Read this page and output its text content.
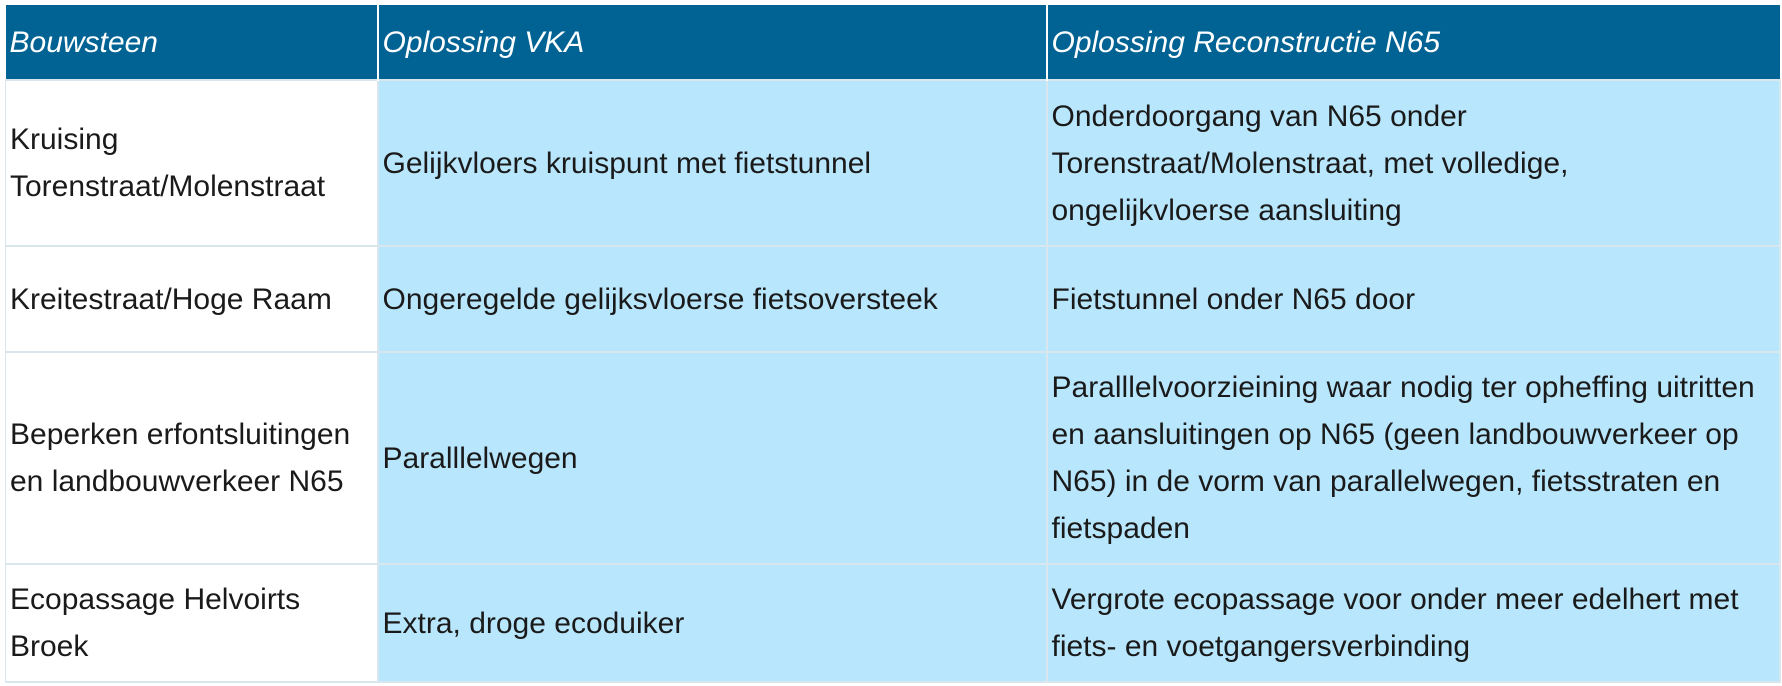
Bouwsteen	Oplossing VKA	Oplossing Reconstructie N65
Kruising Torenstraat/Molenstraat	Gelijkvloers kruispunt met fietstunnel	Onderdoorgang van N65 onder Torenstraat/Molenstraat, met volledige, ongelijkvloerse aansluiting
Kreitestraat/Hoge Raam	Ongeregelde gelijksvloerse fietsoversteek	Fietstunnel onder N65 door
Beperken erfontsluitingen en landbouwverkeer N65	Paralllelwegen	Paralllelvoorzieining waar nodig ter opheffing uitritten en aansluitingen op N65 (geen landbouwverkeer op N65) in de vorm van parallelwegen, fietsstraten en fietspaden
Ecopassage Helvoirts Broek	Extra, droge ecoduiker	Vergrote ecopassage voor onder meer edelhert met fiets- en voetgangersverbinding
